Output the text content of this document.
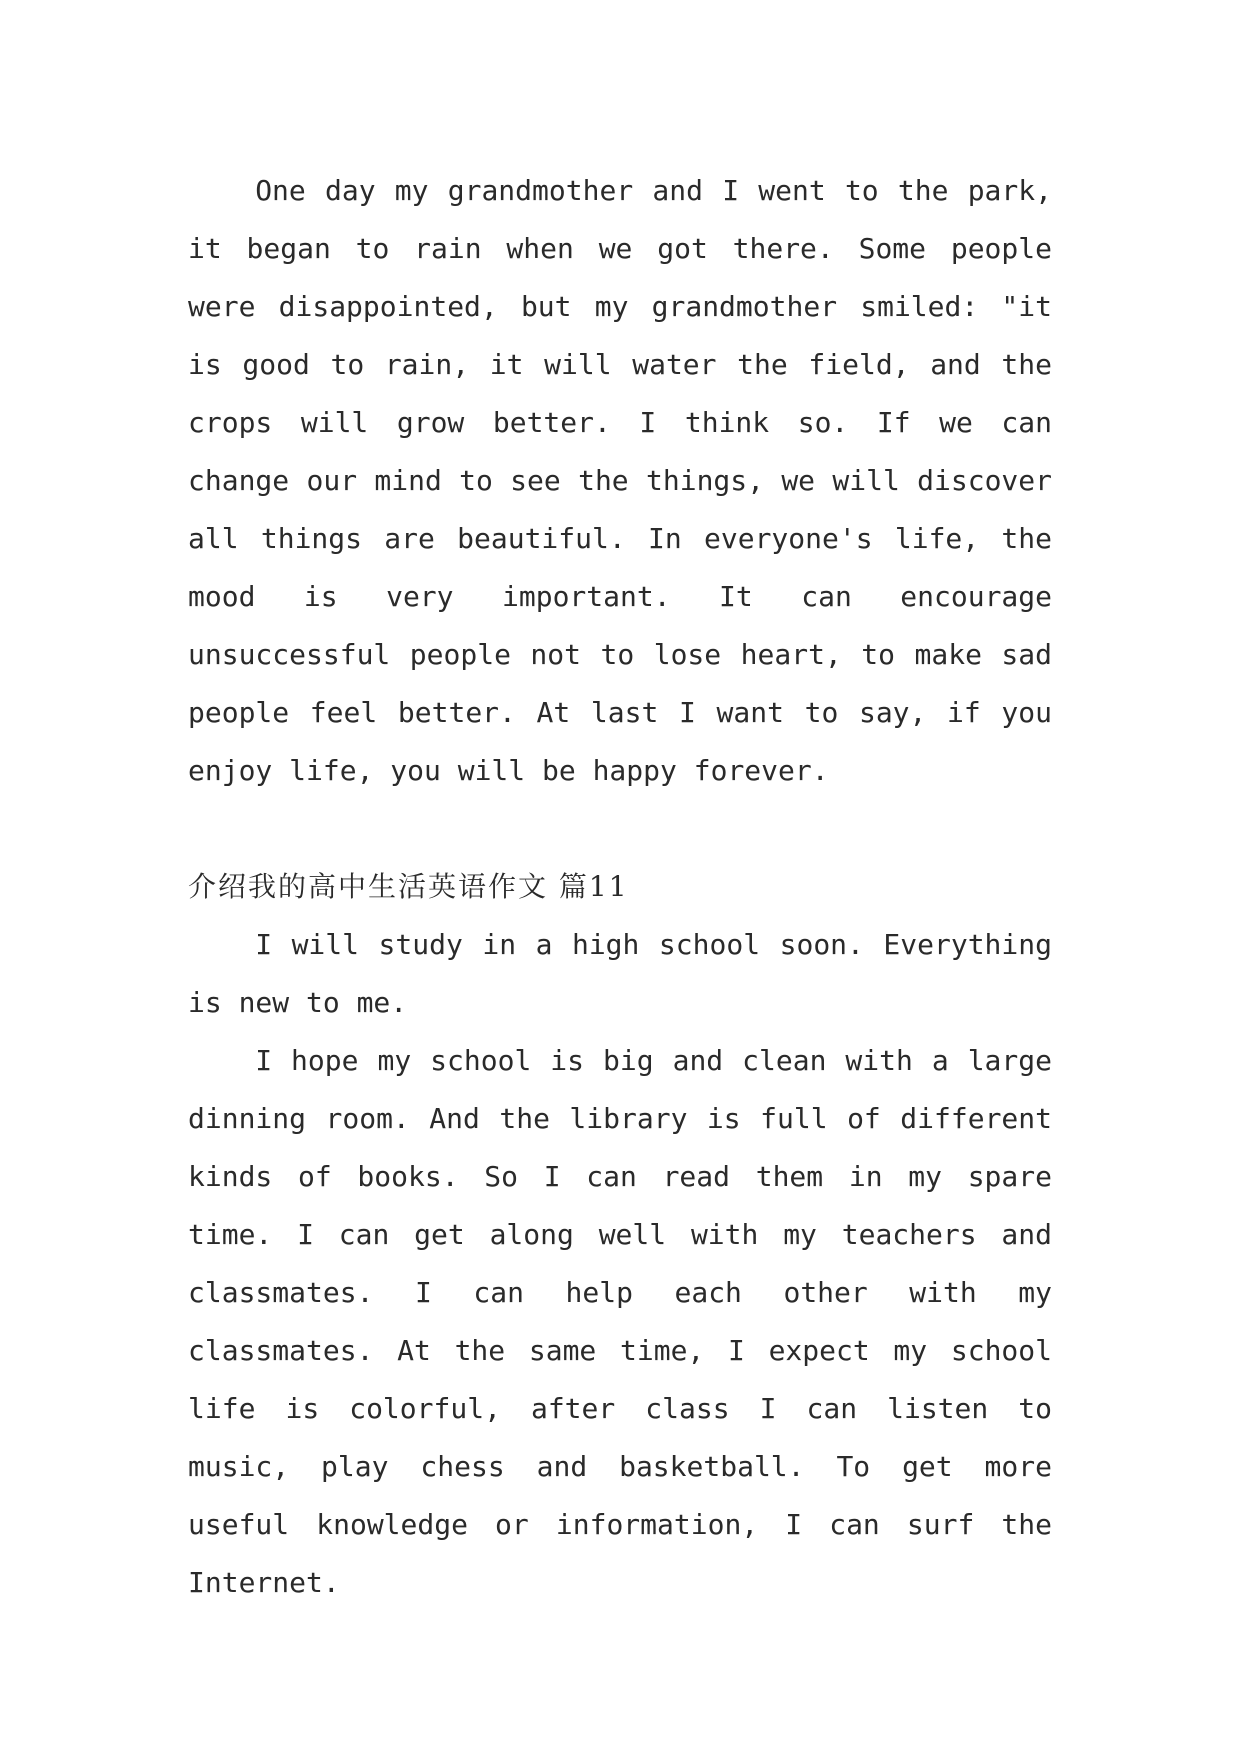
One day my grandmother and I went to the park, it began to rain when we got there. Some people were disappointed, but my grandmother smiled: "it is good to rain, it will water the field, and the crops will grow better. I think so. If we can change our mind to see the things, we will discover all things are beautiful. In everyone's life, the mood is very important. It can encourage unsuccessful people not to lose heart, to make sad people feel better. At last I want to say, if you enjoy life, you will be happy forever.

介绍我的高中生活英语作文 篇11

I will study in a high school soon. Everything is new to me.

I hope my school is big and clean with a large dinning room. And the library is full of different kinds of books. So I can read them in my spare time. I can get along well with my teachers and classmates. I can help each other with my classmates. At the same time, I expect my school life is colorful, after class I can listen to music, play chess and basketball. To get more useful knowledge or information, I can surf the Internet.
